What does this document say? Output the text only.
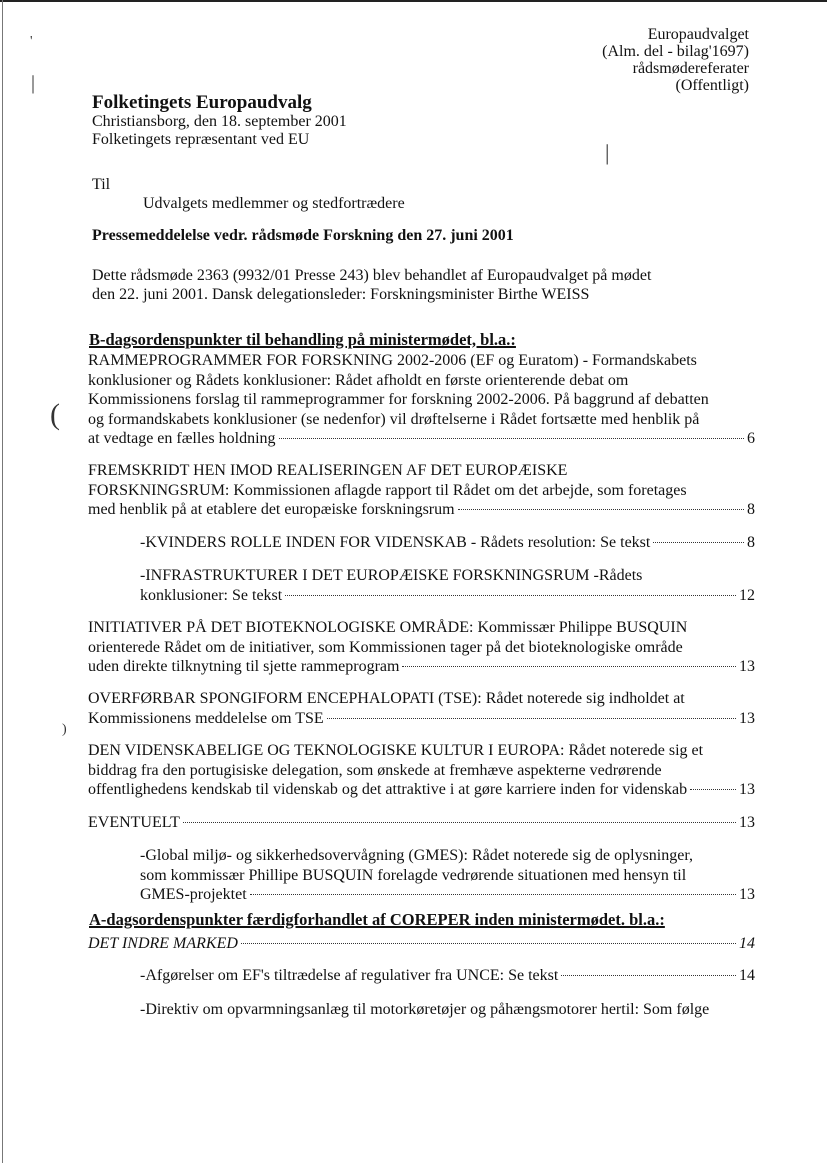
'
|
|
(
)
Europaudvalget
(Alm. del - bilag'1697)
rådsmødereferater
(Offentligt)
Folketingets Europaudvalg
Christiansborg, den 18. september 2001
Folketingets repræsentant ved EU
Til
Udvalgets medlemmer og stedfortrædere
Pressemeddelelse vedr. rådsmøde Forskning den 27. juni 2001
Dette rådsmøde 2363 (9932/01 Presse 243) blev behandlet af Europaudvalget på mødet
den 22. juni 2001. Dansk delegationsleder: Forskningsminister Birthe WEISS
B-dagsordenspunkter til behandling på ministermødet, bl.a.:
RAMMEPROGRAMMER FOR FORSKNING 2002-2006 (EF og Euratom) - Formandskabets
konklusioner og Rådets konklusioner: Rådet afholdt en første orienterende debat om
Kommissionens forslag til rammeprogrammer for forskning 2002-2006. På baggrund af debatten
og formandskabets konklusioner (se nedenfor) vil drøftelserne i Rådet fortsætte med henblik på
at vedtage en fælles holdning	6
FREMSKRIDT HEN IMOD REALISERINGEN AF DET EUROPÆISKE
FORSKNINGSRUM: Kommissionen aflagde rapport til Rådet om det arbejde, som foretages
med henblik på at etablere det europæiske forskningsrum	8
-KVINDERS ROLLE INDEN FOR VIDENSKAB - Rådets resolution: Se tekst	8
-INFRASTRUKTURER I DET EUROPÆISKE FORSKNINGSRUM -Rådets
konklusioner: Se tekst	12
INITIATIVER PÅ DET BIOTEKNOLOGISKE OMRÅDE: Kommissær Philippe BUSQUIN
orienterede Rådet om de initiativer, som Kommissionen tager på det bioteknologiske område
uden direkte tilknytning til sjette rammeprogram	13
OVERFØRBAR SPONGIFORM ENCEPHALOPATI (TSE): Rådet noterede sig indholdet at
Kommissionens meddelelse om TSE	13
DEN VIDENSKABELIGE OG TEKNOLOGISKE KULTUR I EUROPA: Rådet noterede sig et
biddrag fra den portugisiske delegation, som ønskede at fremhæve aspekterne vedrørende
offentlighedens kendskab til videnskab og det attraktive i at gøre karriere inden for videnskab	13
EVENTUELT	13
-Global miljø- og sikkerhedsovervågning (GMES): Rådet noterede sig de oplysninger,
som kommissær Phillipe BUSQUIN forelagde vedrørende situationen med hensyn til
GMES-projektet	13
A-dagsordenspunkter færdigforhandlet af COREPER inden ministermødet. bl.a.:
DET INDRE MARKED	14
-Afgørelser om EF's tiltrædelse af regulativer fra UNCE: Se tekst	14
-Direktiv om opvarmningsanlæg til motorkøretøjer og påhængsmotorer hertil: Som følge
